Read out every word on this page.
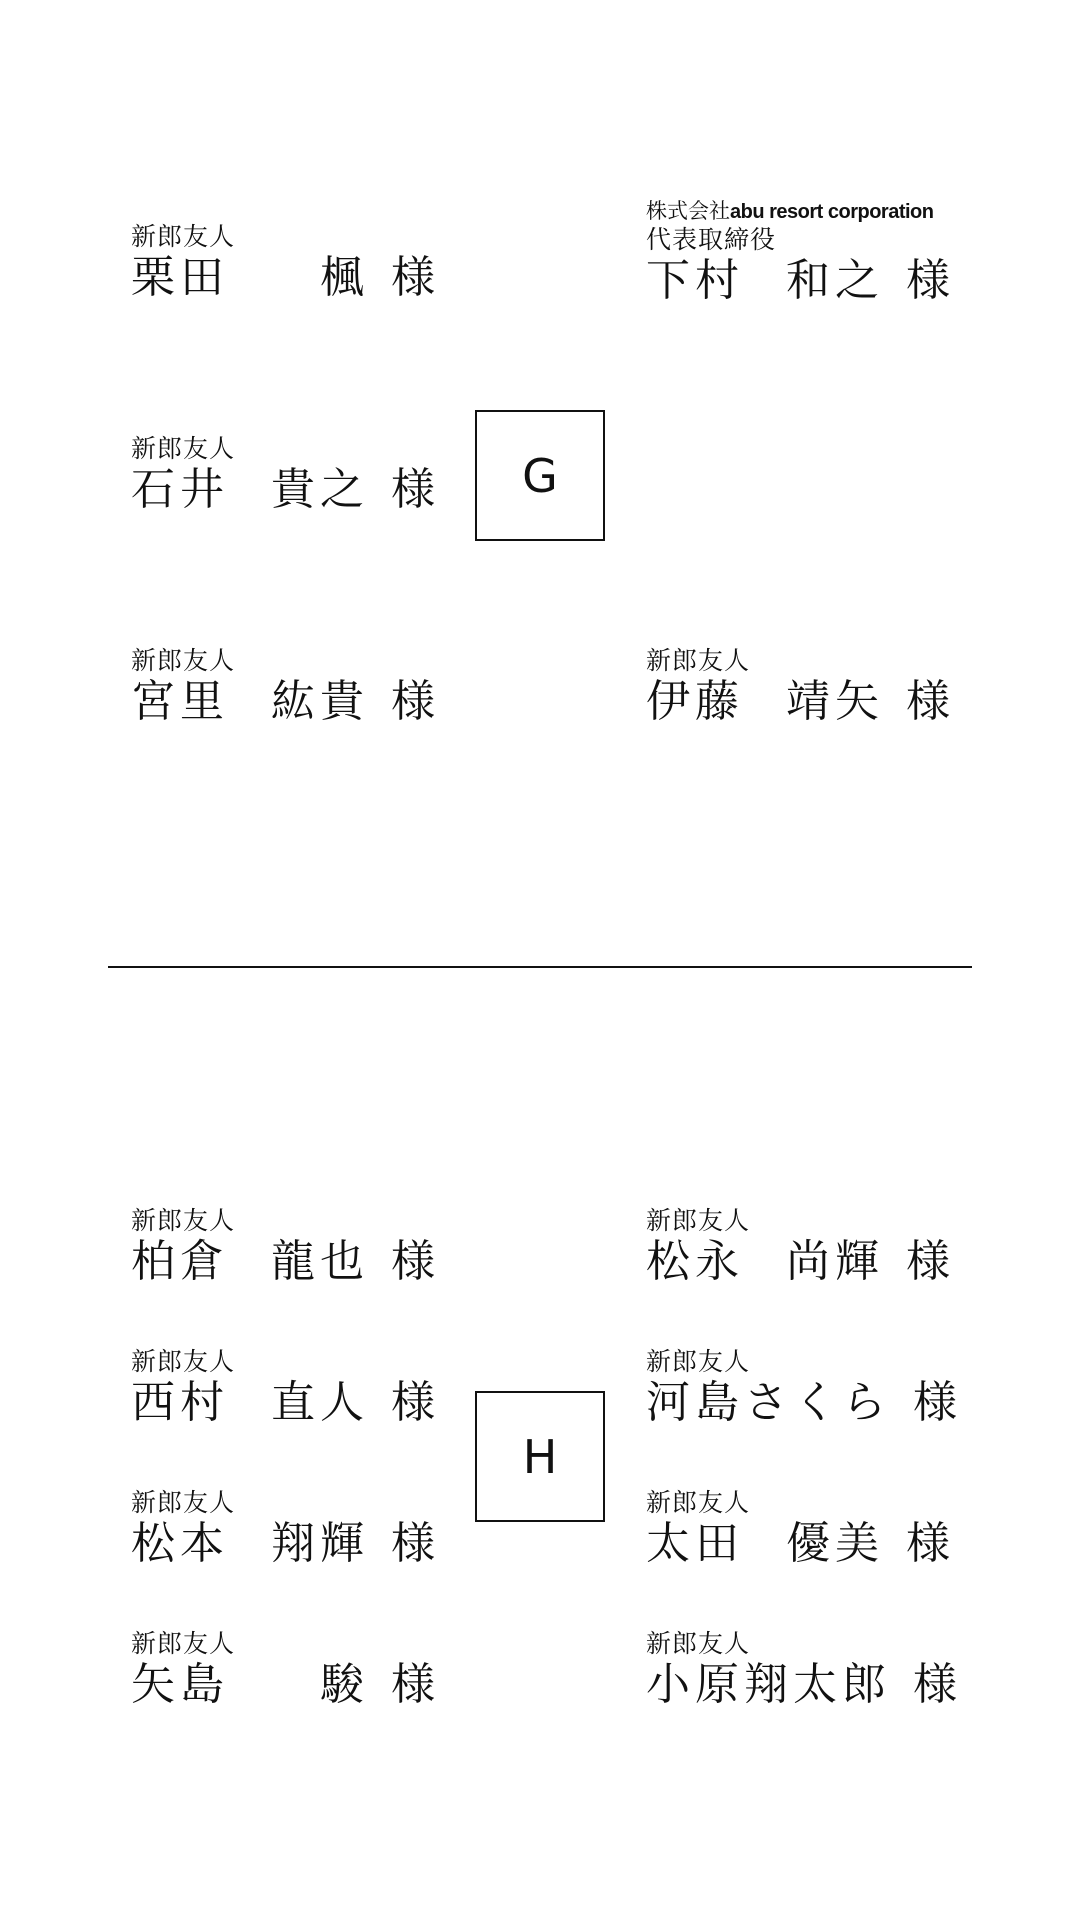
新郎友人
栗田	楓 様
株式会社abu resort corporation
代表取締役
下村 和之 様
新郎友人
石井 貴之 様 G
新郎友人
宮里 紘貴 様
新郎友人
伊藤 靖矢 様
新郎友人
柏倉 龍也 様
新郎友人
松永 尚輝 様
新郎友人
西村 直人 様
新郎友人
河島さくら 様
H
新郎友人
松本 翔輝 様
新郎友人
太田 優美 様
新郎友人
矢島	駿 様
新郎友人
小原翔太郎 様
